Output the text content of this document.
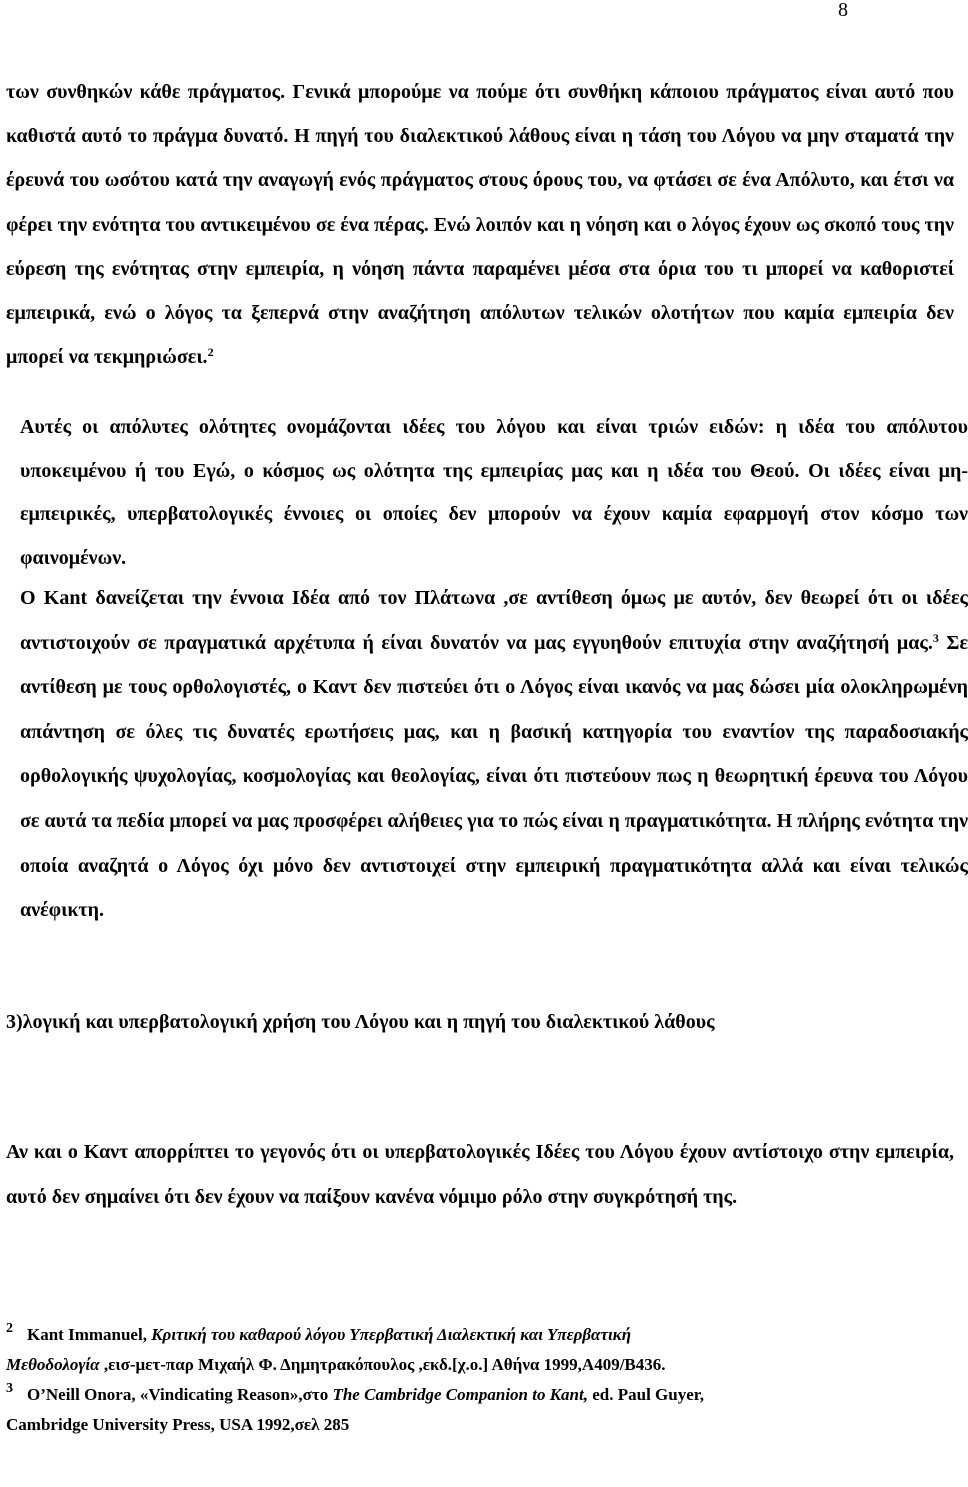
8

των συνθηκών κάθε πράγματος. Γενικά μπορούμε να πούμε ότι συνθήκη κάποιου πράγματος είναι αυτό που καθιστά αυτό το πράγμα δυνατό. Η πηγή του διαλεκτικού λάθους είναι η τάση του Λόγου να μην σταματά την έρευνά του ωσότου κατά την αναγωγή ενός πράγματος στους όρους του, να φτάσει σε ένα Απόλυτο, και έτσι να φέρει την ενότητα του αντικειμένου σε ένα πέρας. Ενώ λοιπόν και η νόηση και ο λόγος έχουν ως σκοπό τους την εύρεση της ενότητας στην εμπειρία, η νόηση πάντα παραμένει μέσα στα όρια του τι μπορεί να καθοριστεί εμπειρικά, ενώ ο λόγος τα ξεπερνά στην αναζήτηση απόλυτων τελικών ολοτήτων που καμία εμπειρία δεν μπορεί να τεκμηριώσει.$^2$

Αυτές οι απόλυτες ολότητες ονομάζονται ιδέες του λόγου και είναι τριών ειδών: η ιδέα του απόλυτου υποκειμένου ή του Εγώ, ο κόσμος ως ολότητα της εμπειρίας μας και η ιδέα του Θεού. Οι ιδέες είναι μη-εμπειρικές, υπερβατολογικές έννοιες οι οποίες δεν μπορούν να έχουν καμία εφαρμογή στον κόσμο των φαινομένων.

Ο Kant δανείζεται την έννοια Ιδέα από τον Πλάτωνα ,σε αντίθεση όμως με αυτόν, δεν θεωρεί ότι οι ιδέες αντιστοιχούν σε πραγματικά αρχέτυπα ή είναι δυνατόν να μας εγγυηθούν επιτυχία στην αναζήτησή μας.$^3$ Σε αντίθεση με τους ορθολογιστές, ο Καντ δεν πιστεύει ότι ο Λόγος είναι ικανός να μας δώσει μία ολοκληρωμένη απάντηση σε όλες τις δυνατές ερωτήσεις μας, και η βασική κατηγορία του εναντίον της παραδοσιακής ορθολογικής ψυχολογίας, κοσμολογίας και θεολογίας, είναι ότι πιστεύουν πως η θεωρητική έρευνα του Λόγου σε αυτά τα πεδία μπορεί να μας προσφέρει αλήθειες για το πώς είναι η πραγματικότητα. Η πλήρης ενότητα την οποία αναζητά ο Λόγος όχι μόνο δεν αντιστοιχεί στην εμπειρική πραγματικότητα αλλά και είναι τελικώς ανέφικτη.

3)λογική και υπερβατολογική χρήση του Λόγου και η πηγή του διαλεκτικού λάθους

Αν και ο Καντ απορρίπτει το γεγονός ότι οι υπερβατολογικές Ιδέες του Λόγου έχουν αντίστοιχο στην εμπειρία, αυτό δεν σημαίνει ότι δεν έχουν να παίξουν κανένα νόμιμο ρόλο στην συγκρότησή της.

$^2$ Kant Immanuel, Κριτική του καθαρού λόγου Υπερβατική Διαλεκτική και Υπερβατική

Μεθοδολογία ,εισ-μετ-παρ Μιχαήλ Φ. Δημητρακόπουλος ,εκδ.[χ.ο.] Αθήνα 1999,Α409/Β436.

$^3$ O’Neill Onora, «Vindicating Reason»,στο The Cambridge Companion to Kant, ed. Paul Guyer,

Cambridge University Press, USA 1992,σελ 285
